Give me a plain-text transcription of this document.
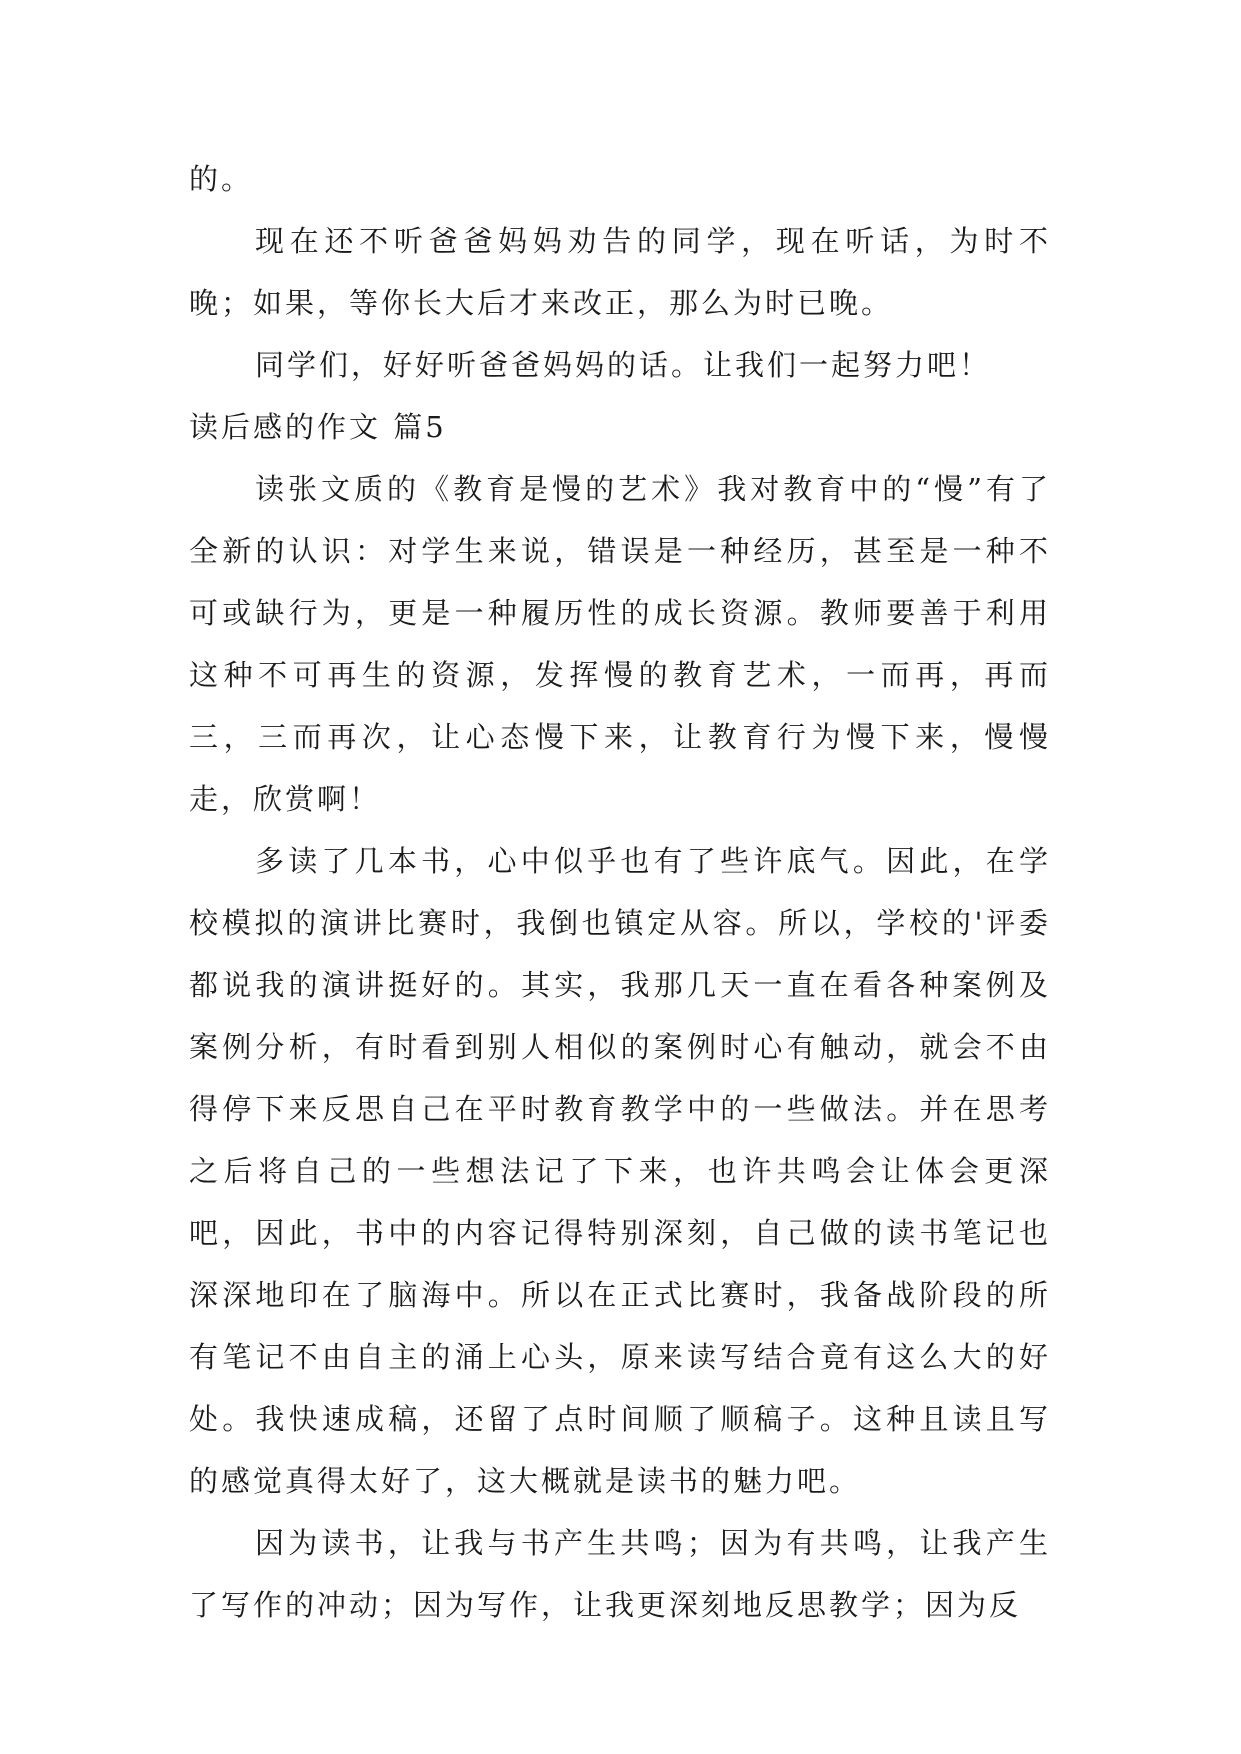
的。

现在还不听爸爸妈妈劝告的同学，现在听话，为时不晚；如果，等你长大后才来改正，那么为时已晚。

同学们，好好听爸爸妈妈的话。让我们一起努力吧！

读后感的作文 篇5

读张文质的《教育是慢的艺术》我对教育中的“慢”有了全新的认识：对学生来说，错误是一种经历，甚至是一种不可或缺行为，更是一种履历性的成长资源。教师要善于利用这种不可再生的资源，发挥慢的教育艺术，一而再，再而三，三而再次，让心态慢下来，让教育行为慢下来，慢慢走，欣赏啊！

多读了几本书，心中似乎也有了些许底气。因此，在学校模拟的演讲比赛时，我倒也镇定从容。所以，学校的'评委都说我的演讲挺好的。其实，我那几天一直在看各种案例及案例分析，有时看到别人相似的案例时心有触动，就会不由得停下来反思自己在平时教育教学中的一些做法。并在思考之后将自己的一些想法记了下来，也许共鸣会让体会更深吧，因此，书中的内容记得特别深刻，自己做的读书笔记也深深地印在了脑海中。所以在正式比赛时，我备战阶段的所有笔记不由自主的涌上心头，原来读写结合竟有这么大的好处。我快速成稿，还留了点时间顺了顺稿子。这种且读且写的感觉真得太好了，这大概就是读书的魅力吧。

因为读书，让我与书产生共鸣；因为有共鸣，让我产生了写作的冲动；因为写作，让我更深刻地反思教学；因为反
